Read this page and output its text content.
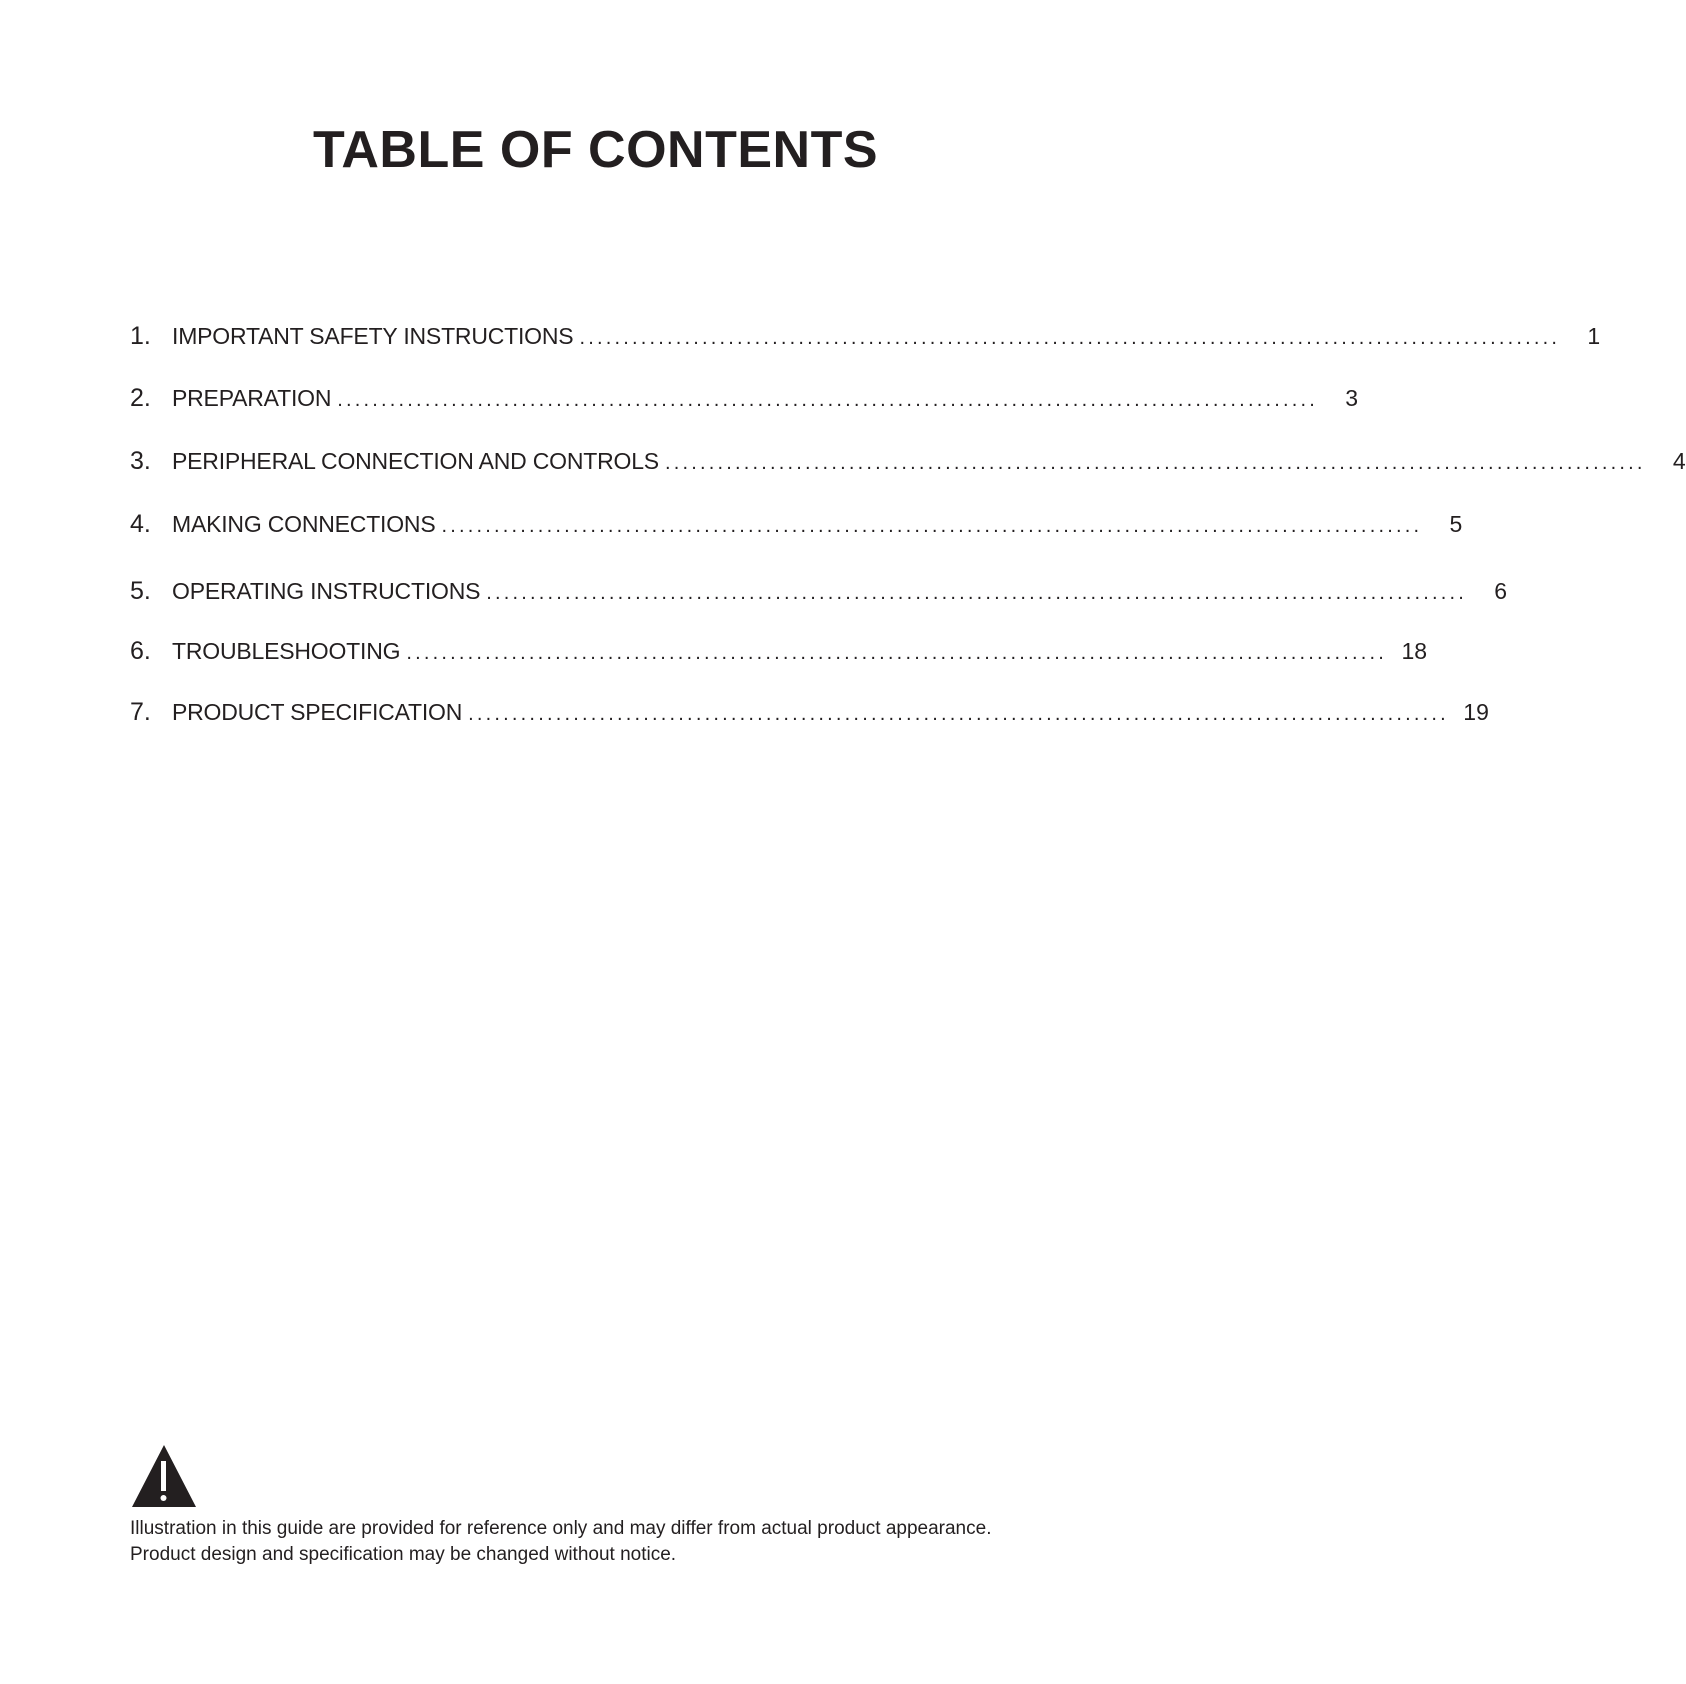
TABLE OF CONTENTS
1. IMPORTANT SAFETY INSTRUCTIONS ................................................................................................................	1
2. PREPARATION ................................................................................................................	3
3. PERIPHERAL CONNECTION AND CONTROLS ................................................................................................................	4
4. MAKING CONNECTIONS ................................................................................................................	5
5. OPERATING INSTRUCTIONS ................................................................................................................	6
6. TROUBLESHOOTING ................................................................................................................ 18
7. PRODUCT SPECIFICATION ................................................................................................................ 19

Illustration in this guide are provided for reference only and may differ from actual product appearance.

Product design and specification may be changed without notice.
